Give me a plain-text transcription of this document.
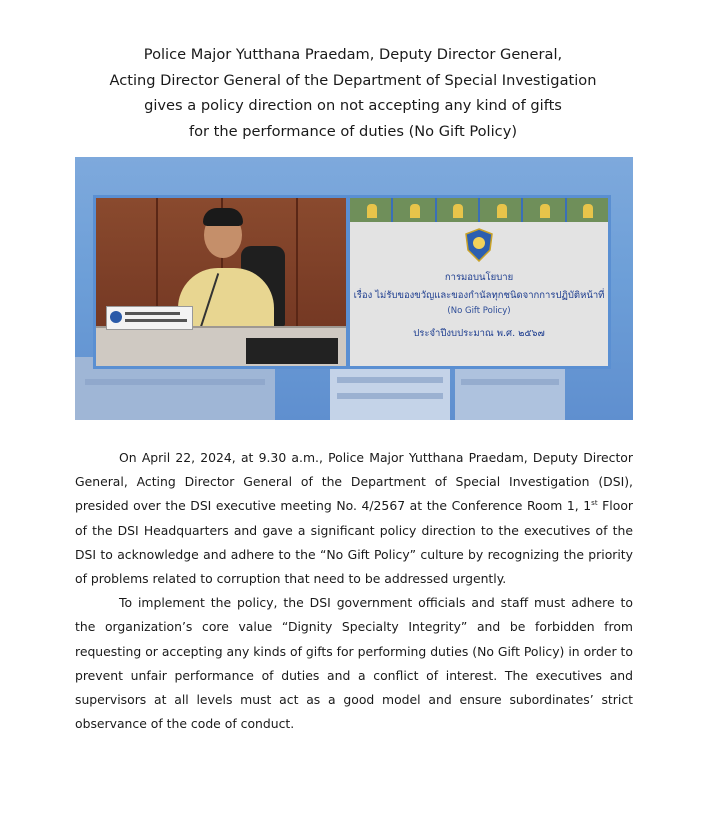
Police Major Yutthana Praedam, Deputy Director General,
Acting Director General of the Department of Special Investigation
gives a policy direction on not accepting any kind of gifts
for the performance of duties (No Gift Policy)
การมอบนโยบาย
เรื่อง ไม่รับของขวัญและของกำนัลทุกชนิดจากการปฏิบัติหน้าที่
(No Gift Policy)
ประจำปีงบประมาณ พ.ศ. ๒๕๖๗

On April 22, 2024, at 9.30 a.m., Police Major Yutthana Praedam, Deputy Director General, Acting Director General of the Department of Special Investigation (DSI), presided over the DSI executive meeting No. 4/2567 at the Conference Room 1, 1st Floor of the DSI Headquarters and gave a significant policy direction to the executives of the DSI to acknowledge and adhere to the “No Gift Policy” culture by recognizing the priority of problems related to corruption that need to be addressed urgently.

To implement the policy, the DSI government officials and staff must adhere to the organization’s core value “Dignity Specialty Integrity” and be forbidden from requesting or accepting any kinds of gifts for performing duties (No Gift Policy) in order to prevent unfair performance of duties and a conflict of interest. The executives and supervisors at all levels must act as a good model and ensure subordinates’ strict observance of the code of conduct.
